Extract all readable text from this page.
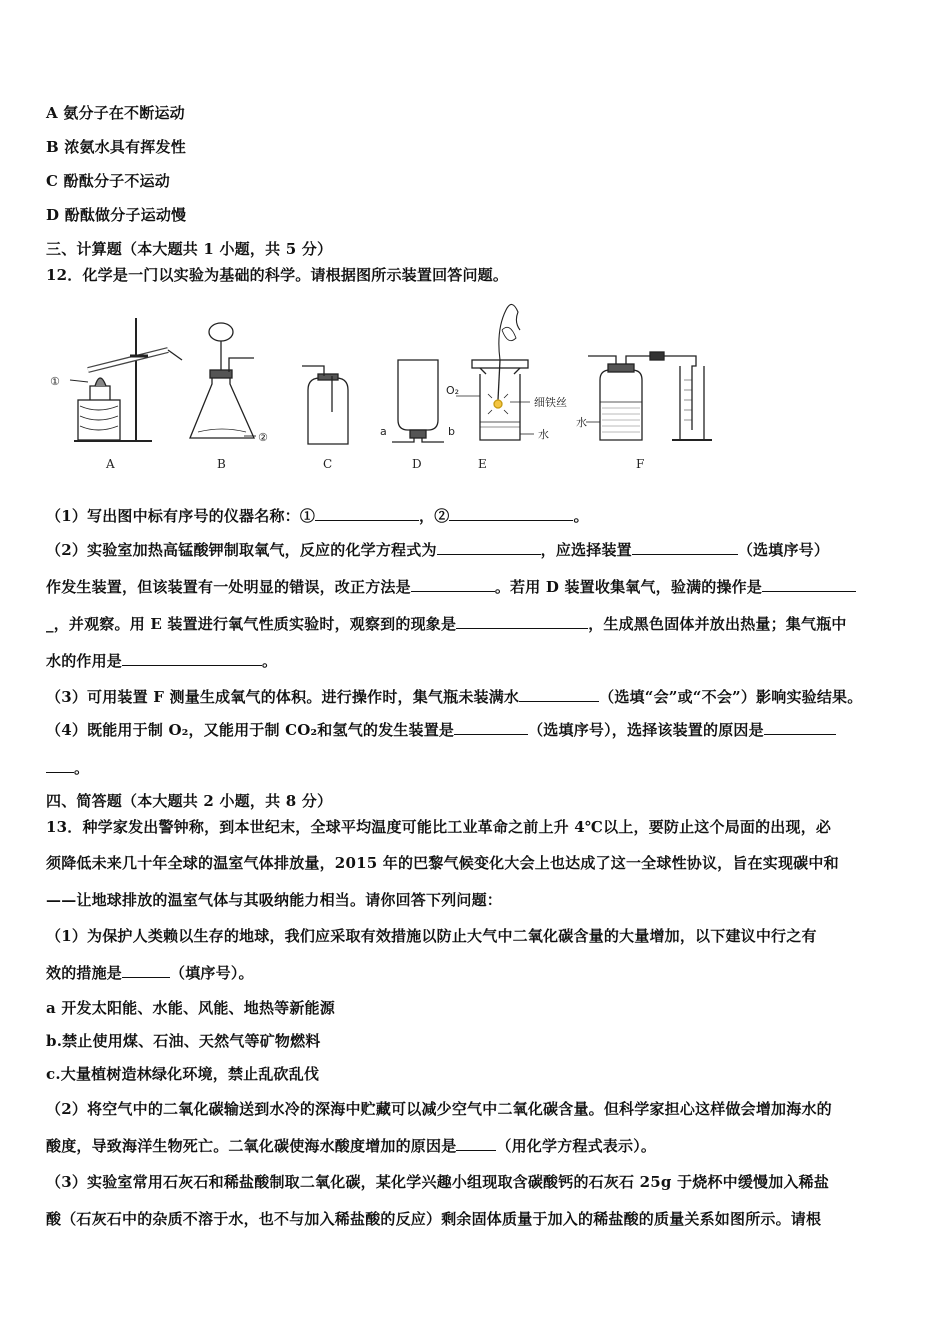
A 氨分子在不断运动
B 浓氨水具有挥发性
C 酚酞分子不运动
D 酚酞做分子运动慢
三、计算题（本大题共 1 小题，共 5 分）
12．化学是一门以实验为基础的科学。请根据图所示装置回答问题。
①
A
②
B	C
a	b
D
O₂
细铁丝
水
E
水
F
（1）写出图中标有序号的仪器名称：①	，②	。
（2）实验室加热高锰酸钾制取氧气，反应的化学方程式为	，应选择装置	（选填序号）
作发生装置，但该装置有一处明显的错误，改正方法是	。若用 D 装置收集氧气，验满的操作是
_，并观察。用 E 装置进行氧气性质实验时，观察到的现象是	，生成黑色固体并放出热量；集气瓶中
水的作用是	。
（3）可用装置 F 测量生成氧气的体积。进行操作时，集气瓶未装满水	（选填“会”或“不会”）影响实验结果。
（4）既能用于制 O₂，又能用于制 CO₂和氢气的发生装置是	（选填序号），选择该装置的原因是
。
四、简答题（本大题共 2 小题，共 8 分）
13．种学家发出警钟称，到本世纪末，全球平均温度可能比工业革命之前上升 4℃以上，要防止这个局面的出现，必
须降低未来几十年全球的温室气体排放量，2015 年的巴黎气候变化大会上也达成了这一全球性协议，旨在实现碳中和
——让地球排放的温室气体与其吸纳能力相当。请你回答下列问题：
（1）为保护人类赖以生存的地球，我们应采取有效措施以防止大气中二氧化碳含量的大量增加，以下建议中行之有
效的措施是	（填序号）。
a 开发太阳能、水能、风能、地热等新能源
b.禁止使用煤、石油、天然气等矿物燃料
c.大量植树造林绿化环境，禁止乱砍乱伐
（2）将空气中的二氧化碳输送到水冷的深海中贮藏可以减少空气中二氧化碳含量。但科学家担心这样做会增加海水的
酸度，导致海洋生物死亡。二氧化碳使海水酸度增加的原因是	（用化学方程式表示）。
（3）实验室常用石灰石和稀盐酸制取二氧化碳，某化学兴趣小组现取含碳酸钙的石灰石 25g 于烧杯中缓慢加入稀盐
酸（石灰石中的杂质不溶于水，也不与加入稀盐酸的反应）剩余固体质量于加入的稀盐酸的质量关系如图所示。请根
